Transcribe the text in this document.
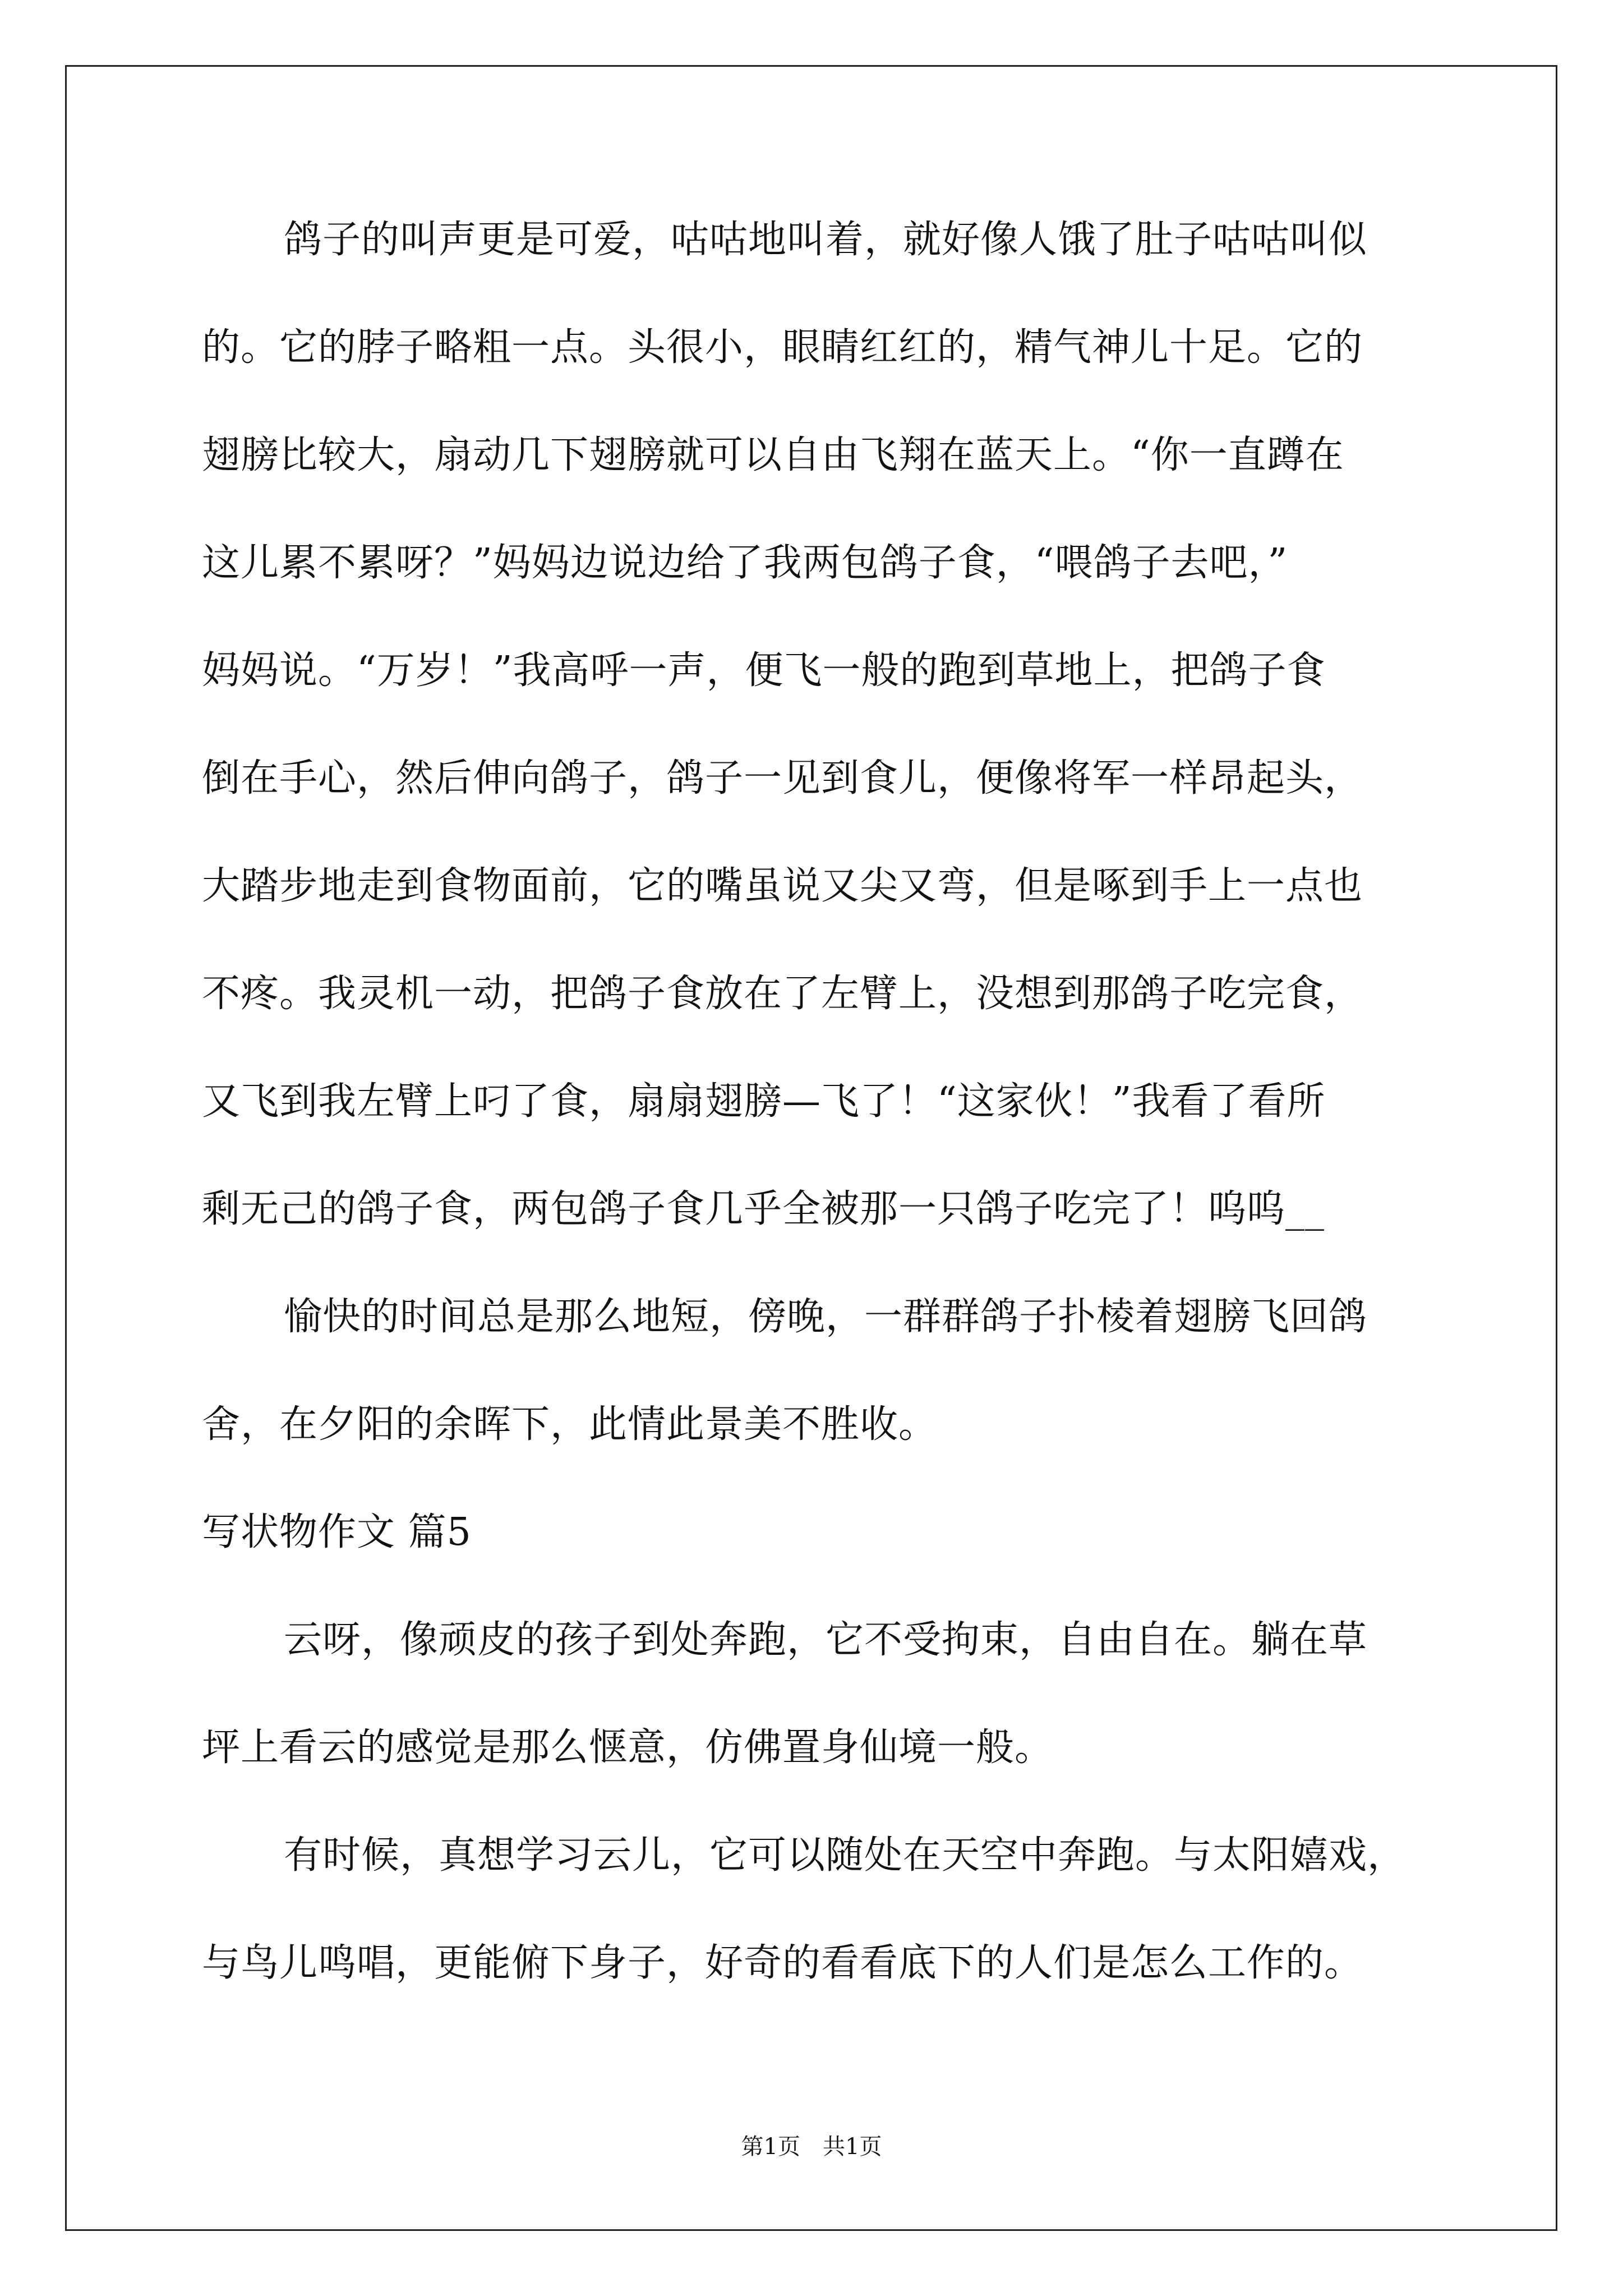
鸽子的叫声更是可爱，咕咕地叫着，就好像人饿了肚子咕咕叫似
的。它的脖子略粗一点。头很小，眼睛红红的，精气神儿十足。它的
翅膀比较大，扇动几下翅膀就可以自由飞翔在蓝天上。“你一直蹲在
这儿累不累呀？”妈妈边说边给了我两包鸽子食，“喂鸽子去吧，”
妈妈说。“万岁！”我高呼一声，便飞一般的跑到草地上，把鸽子食
倒在手心，然后伸向鸽子，鸽子一见到食儿，便像将军一样昂起头，
大踏步地走到食物面前，它的嘴虽说又尖又弯，但是啄到手上一点也
不疼。我灵机一动，把鸽子食放在了左臂上，没想到那鸽子吃完食，
又飞到我左臂上叼了食，扇扇翅膀—飞了！“这家伙！”我看了看所
剩无己的鸽子食，两包鸽子食几乎全被那一只鸽子吃完了！呜呜__
愉快的时间总是那么地短，傍晚，一群群鸽子扑棱着翅膀飞回鸽
舍，在夕阳的余晖下，此情此景美不胜收。
写状物作文 篇5
云呀，像顽皮的孩子到处奔跑，它不受拘束，自由自在。躺在草
坪上看云的感觉是那么惬意，仿佛置身仙境一般。
有时候，真想学习云儿，它可以随处在天空中奔跑。与太阳嬉戏，
与鸟儿鸣唱，更能俯下身子，好奇的看看底下的人们是怎么工作的。
第1页　共1页
